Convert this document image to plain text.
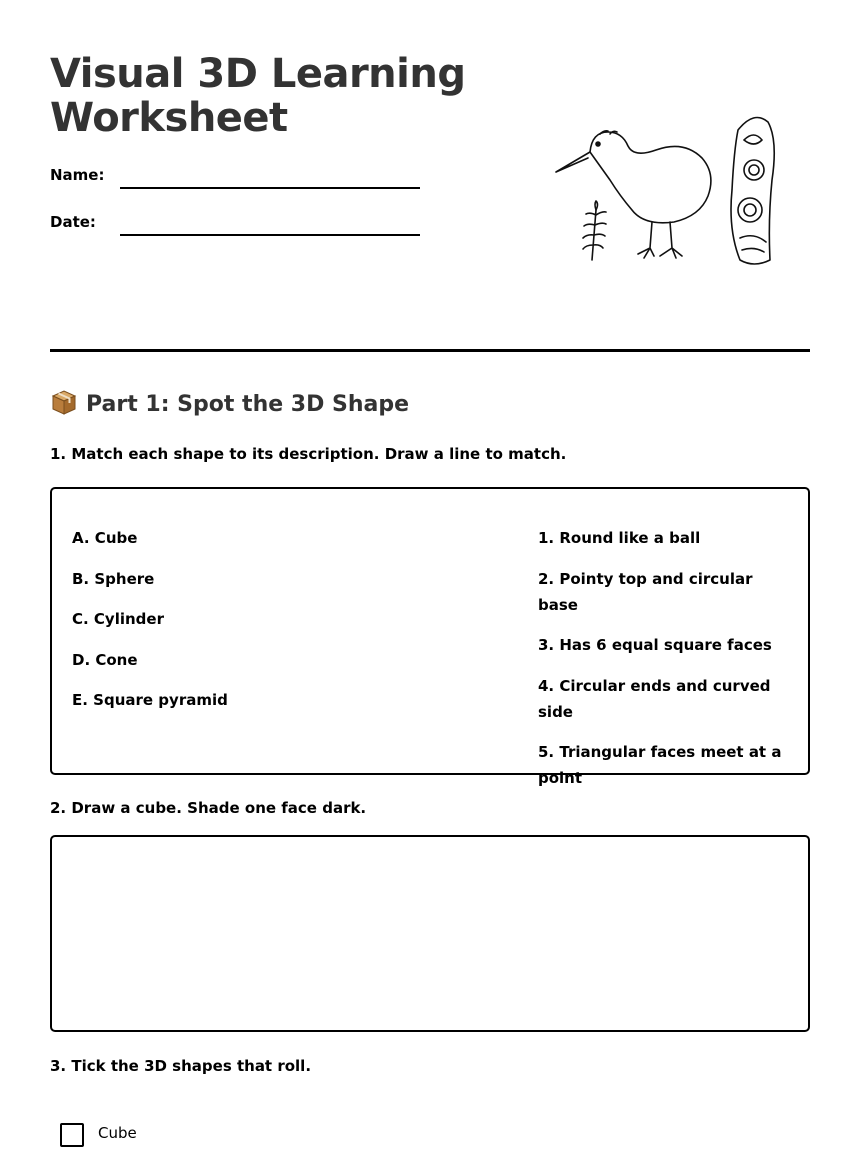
Visual 3D Learning
Worksheet
Name:
Date:
Part 1: Spot the 3D Shape
1. Match each shape to its description. Draw a line to match.
A. Cube
B. Sphere
C. Cylinder
D. Cone
E. Square pyramid
1. Round like a ball
2. Pointy top and circular base
3. Has 6 equal square faces
4. Circular ends and curved side
5. Triangular faces meet at a point
2. Draw a cube. Shade one face dark.
3. Tick the 3D shapes that roll.
Cube
